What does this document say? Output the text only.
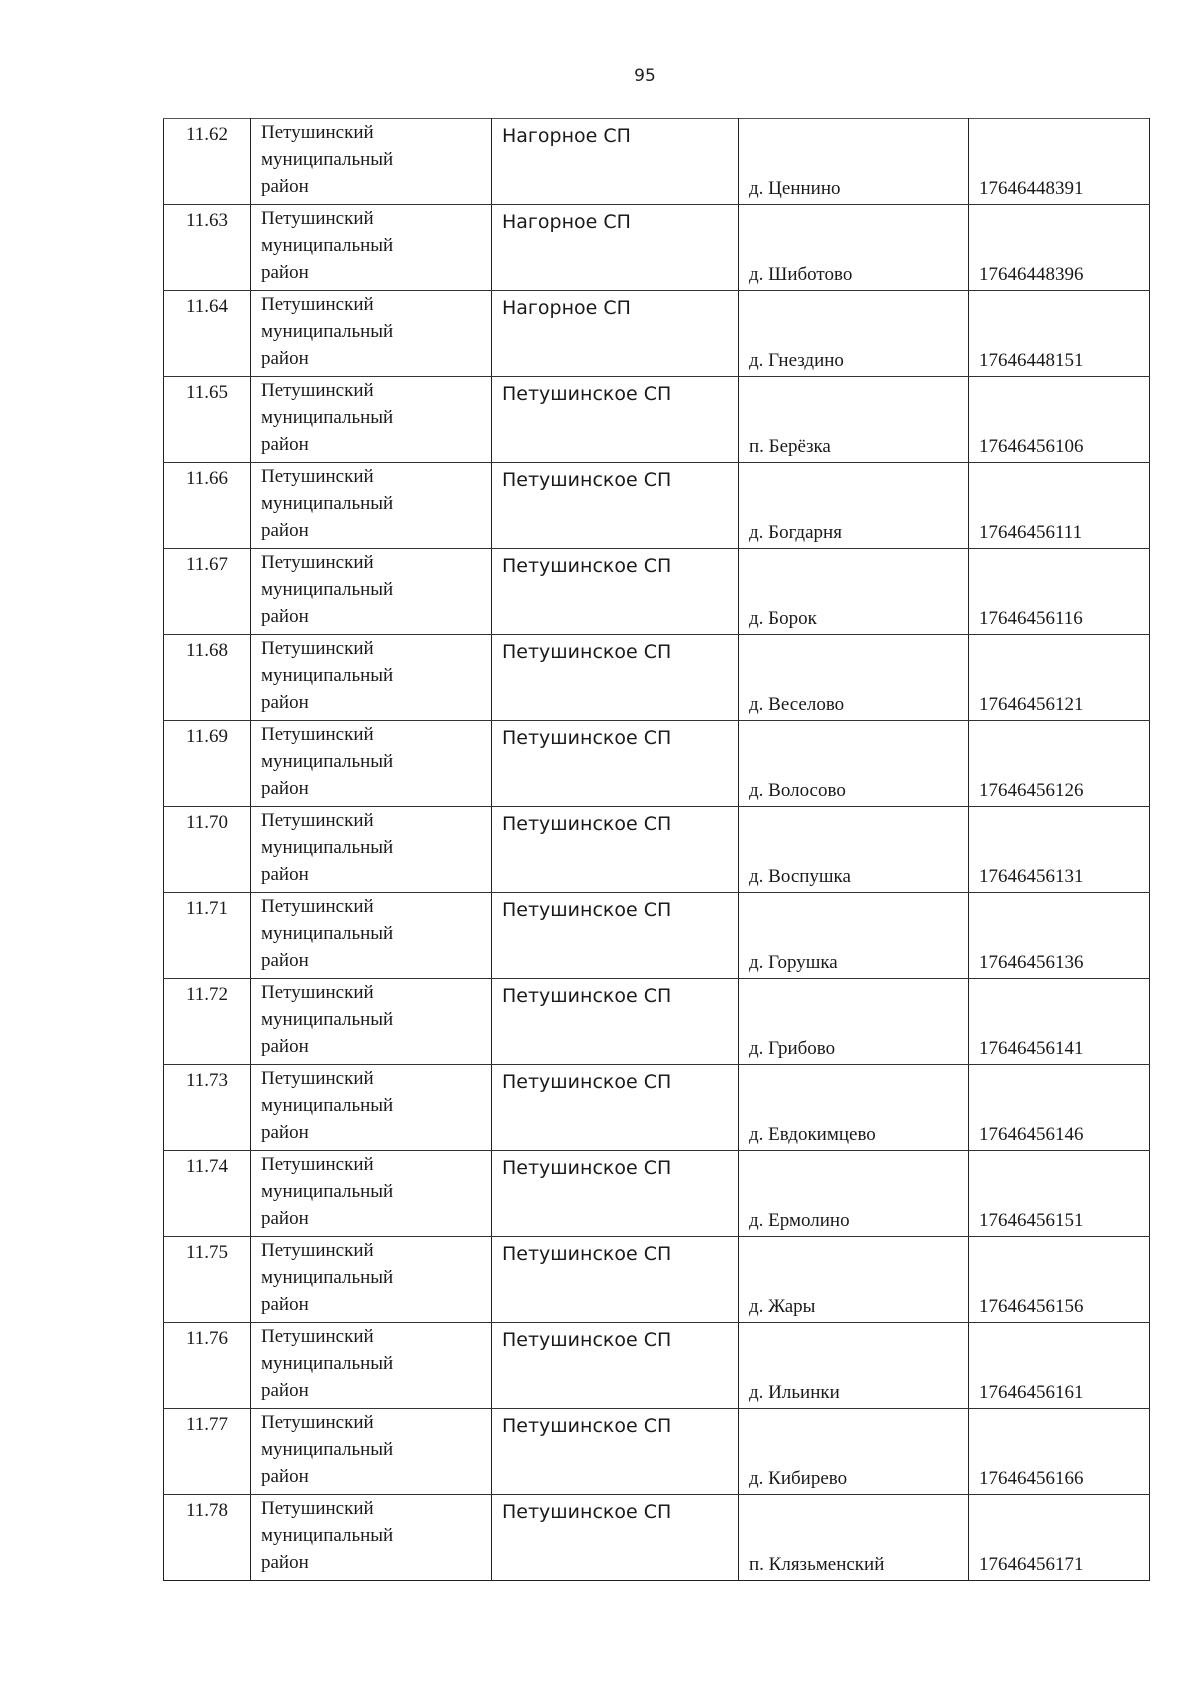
95
11.62	Петушинский
муниципальный
район	Нагорное СП	д. Ценнино	17646448391
11.63	Петушинский
муниципальный
район	Нагорное СП	д. Шиботово	17646448396
11.64	Петушинский
муниципальный
район	Нагорное СП	д. Гнездино	17646448151
11.65	Петушинский
муниципальный
район	Петушинское СП	п. Берёзка	17646456106
11.66	Петушинский
муниципальный
район	Петушинское СП	д. Богдарня	17646456111
11.67	Петушинский
муниципальный
район	Петушинское СП	д. Борок	17646456116
11.68	Петушинский
муниципальный
район	Петушинское СП	д. Веселово	17646456121
11.69	Петушинский
муниципальный
район	Петушинское СП	д. Волосово	17646456126
11.70	Петушинский
муниципальный
район	Петушинское СП	д. Воспушка	17646456131
11.71	Петушинский
муниципальный
район	Петушинское СП	д. Горушка	17646456136
11.72	Петушинский
муниципальный
район	Петушинское СП	д. Грибово	17646456141
11.73	Петушинский
муниципальный
район	Петушинское СП	д. Евдокимцево	17646456146
11.74	Петушинский
муниципальный
район	Петушинское СП	д. Ермолино	17646456151
11.75	Петушинский
муниципальный
район	Петушинское СП	д. Жары	17646456156
11.76	Петушинский
муниципальный
район	Петушинское СП	д. Ильинки	17646456161
11.77	Петушинский
муниципальный
район	Петушинское СП	д. Кибирево	17646456166
11.78	Петушинский
муниципальный
район	Петушинское СП	п. Клязьменский	17646456171
